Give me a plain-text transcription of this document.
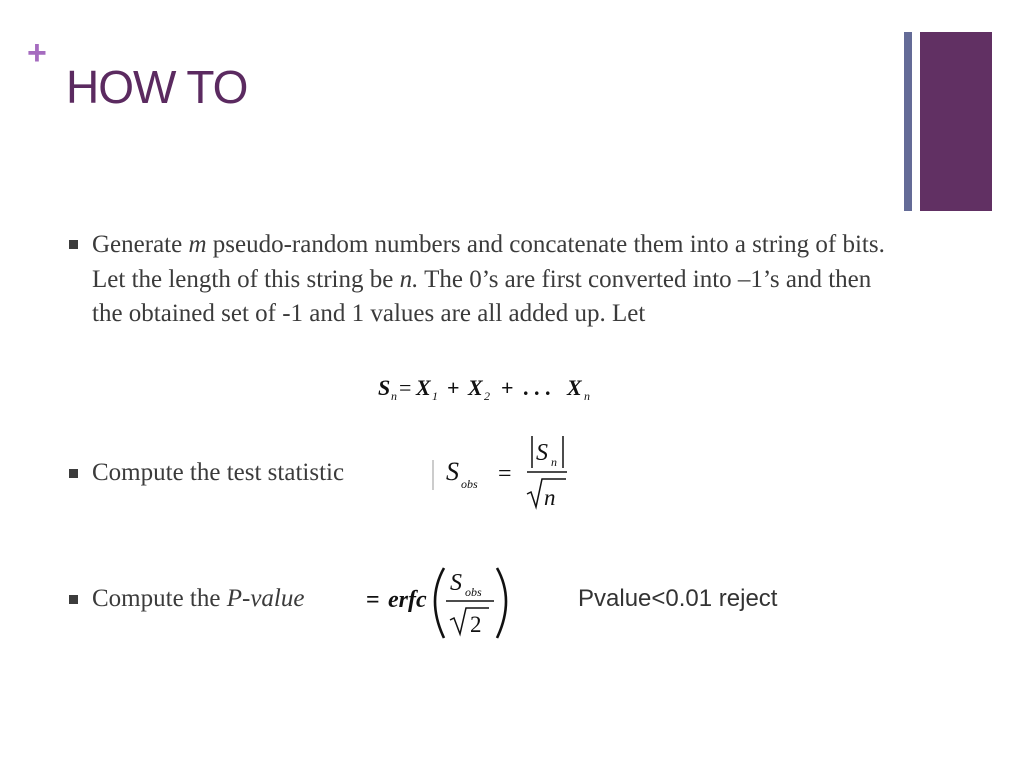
+
HOW TO
Generate m pseudo-random numbers and concatenate them into a string of bits. Let the length of this string be n. The 0’s are first converted into –1’s and then the obtained set of -1 and 1 values are all added up. Let
S n = X 1 + X 2 + . . . X n
Compute the test statistic	S obs =
S n
n
Compute the P-value	= erfc
S obs
2
Pvalue<0.01 reject
